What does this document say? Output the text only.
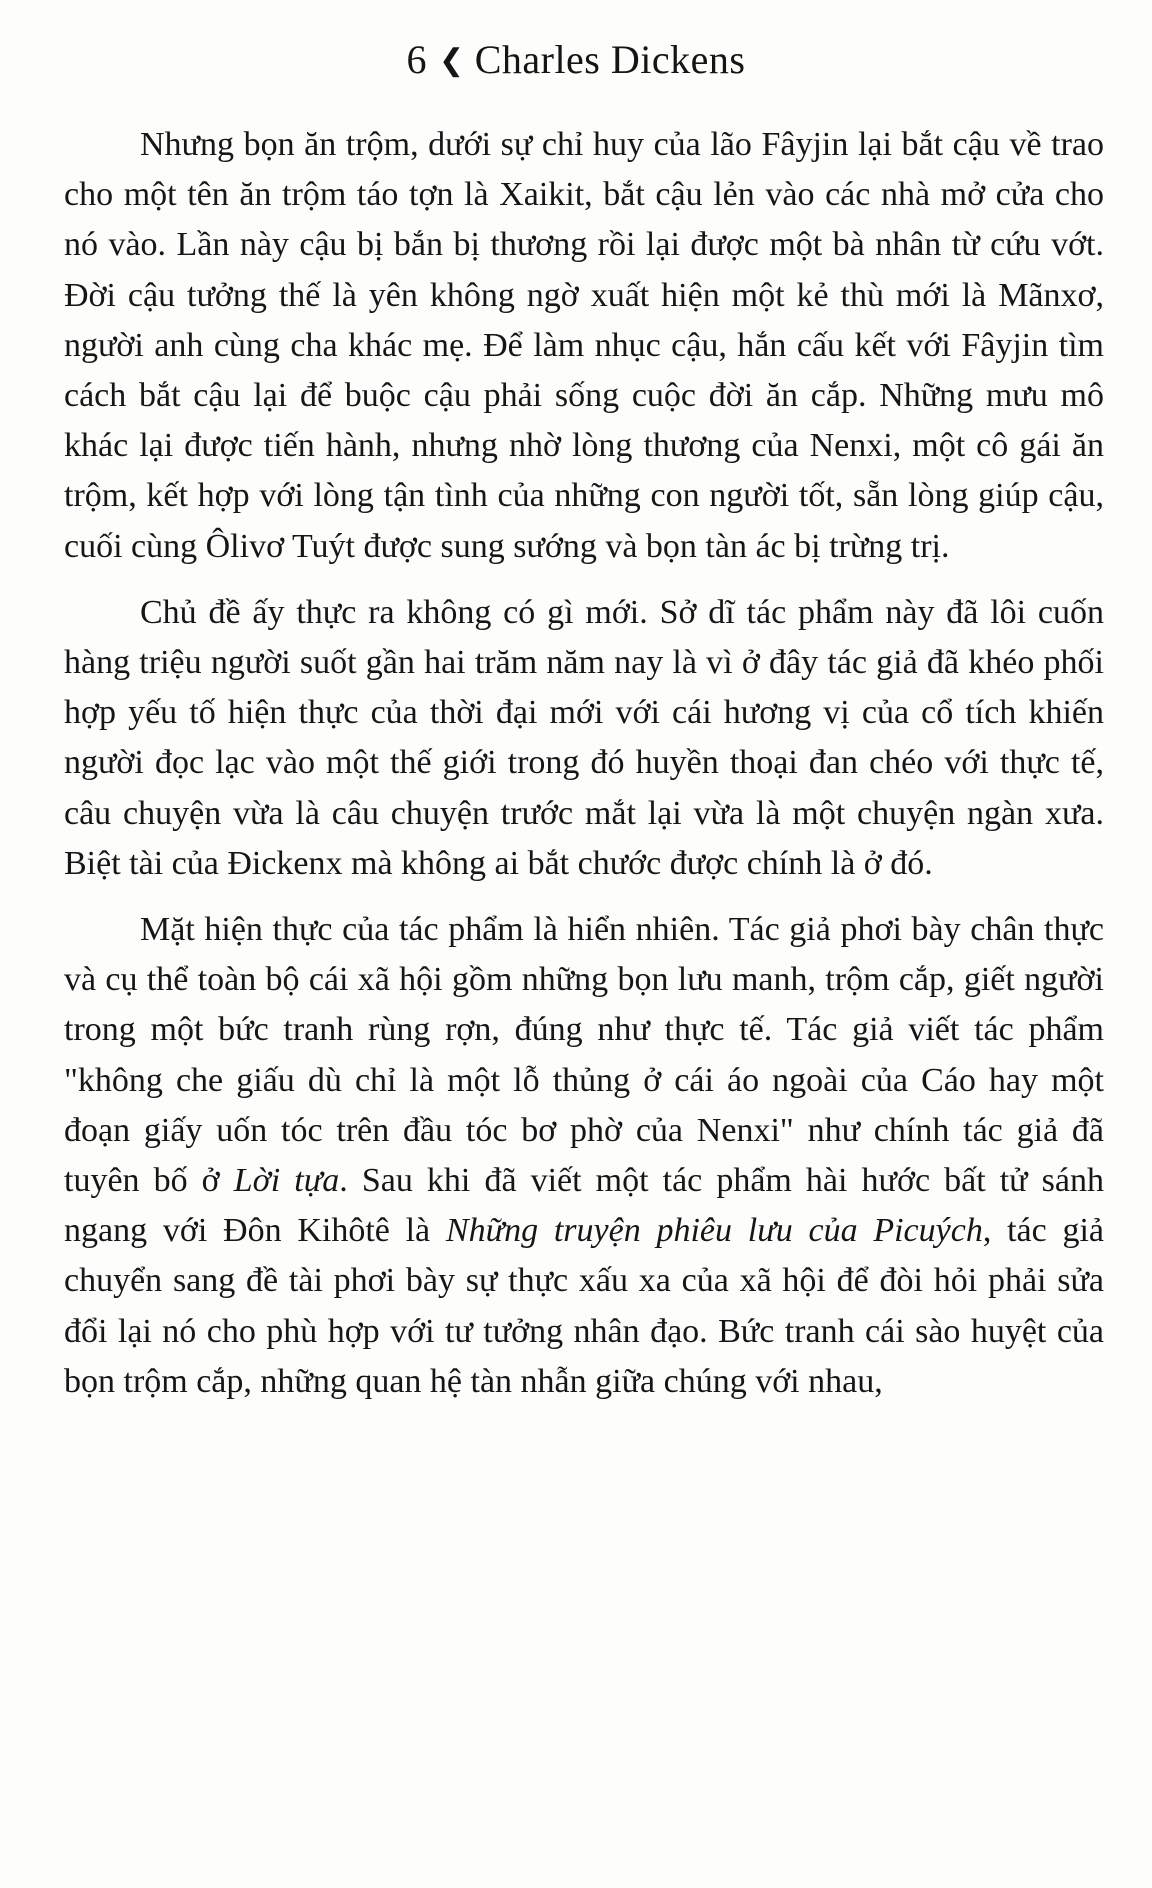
6 ❮ Charles Dickens

Nhưng bọn ăn trộm, dưới sự chỉ huy của lão Fâyjin lại bắt cậu về trao cho một tên ăn trộm táo tợn là Xaikit, bắt cậu lẻn vào các nhà mở cửa cho nó vào. Lần này cậu bị bắn bị thương rồi lại được một bà nhân từ cứu vớt. Đời cậu tưởng thế là yên không ngờ xuất hiện một kẻ thù mới là Mãnxơ, người anh cùng cha khác mẹ. Để làm nhục cậu, hắn cấu kết với Fâyjin tìm cách bắt cậu lại để buộc cậu phải sống cuộc đời ăn cắp. Những mưu mô khác lại được tiến hành, nhưng nhờ lòng thương của Nenxi, một cô gái ăn trộm, kết hợp với lòng tận tình của những con người tốt, sẵn lòng giúp cậu, cuối cùng Ôlivơ Tuýt được sung sướng và bọn tàn ác bị trừng trị.

Chủ đề ấy thực ra không có gì mới. Sở dĩ tác phẩm này đã lôi cuốn hàng triệu người suốt gần hai trăm năm nay là vì ở đây tác giả đã khéo phối hợp yếu tố hiện thực của thời đại mới với cái hương vị của cổ tích khiến người đọc lạc vào một thế giới trong đó huyền thoại đan chéo với thực tế, câu chuyện vừa là câu chuyện trước mắt lại vừa là một chuyện ngàn xưa. Biệt tài của Đickenx mà không ai bắt chước được chính là ở đó.

Mặt hiện thực của tác phẩm là hiển nhiên. Tác giả phơi bày chân thực và cụ thể toàn bộ cái xã hội gồm những bọn lưu manh, trộm cắp, giết người trong một bức tranh rùng rợn, đúng như thực tế. Tác giả viết tác phẩm "không che giấu dù chỉ là một lỗ thủng ở cái áo ngoài của Cáo hay một đoạn giấy uốn tóc trên đầu tóc bơ phờ của Nenxi" như chính tác giả đã tuyên bố ở Lời tựa. Sau khi đã viết một tác phẩm hài hước bất tử sánh ngang với Đôn Kihôtê là Những truyện phiêu lưu của Picuých, tác giả chuyển sang đề tài phơi bày sự thực xấu xa của xã hội để đòi hỏi phải sửa đổi lại nó cho phù hợp với tư tưởng nhân đạo. Bức tranh cái sào huyệt của bọn trộm cắp, những quan hệ tàn nhẫn giữa chúng với nhau,
